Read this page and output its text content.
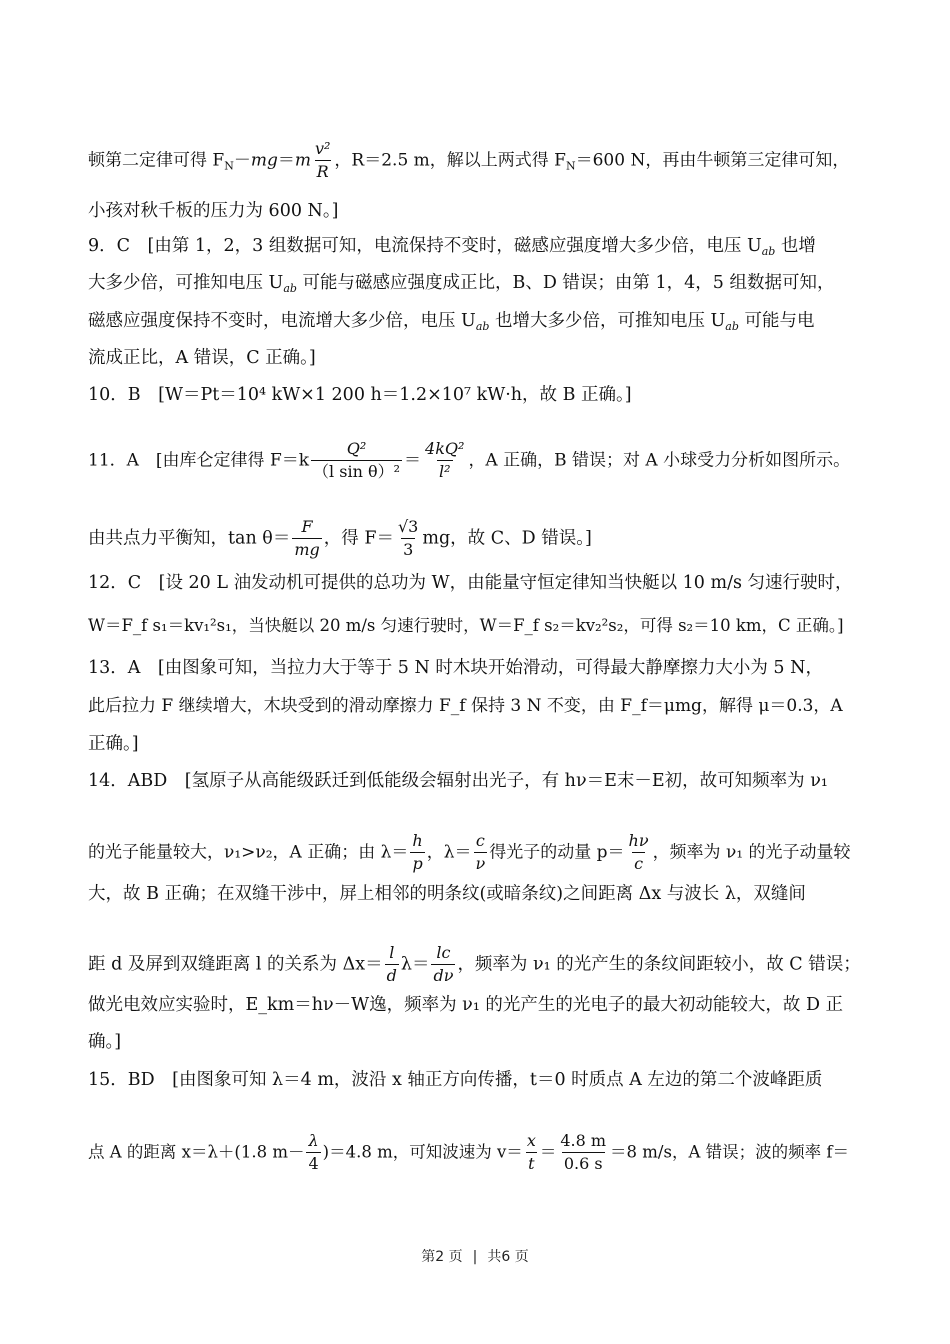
顿第二定律可得 $F_N-mg=m \frac{\text{v²}}{R}$ ，R＝2.5 m，解以上两式得 $F_N=600$ N，再由牛顿第三定律可知，
小孩对秋千板的压力为 600 N。]
9．C　[由第 1，2，3 组数据可知，电流保持不变时，磁感应强度增大多少倍，电压 $U_{ab}$ 也增
大多少倍，可推知电压 $U_{ab}$ 可能与磁感应强度成正比，B、D 错误；由第 1，4，5 组数据可知，
磁感应强度保持不变时，电流增大多少倍，电压 $U_{ab}$ 也增大多少倍，可推知电压 $U_{ab}$ 可能与电
流成正比，A 错误，C 正确。]
10．B　[W＝Pt＝10⁴ kW×1 200 h＝1.2×10⁷ kW·h，故 B 正确。]
11．A　[由库仑定律得 $F=k \frac{\text{Q²}}{\text{（l sin θ）²}} = \frac{\text{4kQ²}}{\text{l²}}$ ，A 正确，B 错误；对 A 小球受力分析如图所示。
由共点力平衡知，$\tan \theta= \frac{F}{mg}$ ，得 $F= \frac{√3}{3}$ mg，故 C、D 错误。]
12．C　[设 20 L 油发动机可提供的总功为 W，由能量守恒定律知当快艇以 10 m/s 匀速行驶时，
W＝F_f s₁＝kv₁²s₁，当快艇以 20 m/s 匀速行驶时，W＝F_f s₂＝kv₂²s₂，可得 s₂＝10 km，C 正确。]
13．A　[由图象可知，当拉力大于等于 5 N 时木块开始滑动，可得最大静摩擦力大小为 5 N，
此后拉力 F 继续增大，木块受到的滑动摩擦力 F_f 保持 3 N 不变，由 F_f＝μmg，解得 μ＝0.3，A
正确。]
14．ABD　[氢原子从高能级跃迁到低能级会辐射出光子，有 hν＝E末－E初，故可知频率为 ν₁
的光子能量较大，ν₁>ν₂，A 正确；由 $\lambda= \frac{h}{p}$ ，$\lambda= \frac{c}{\nu}$ 得光子的动量 $p= \frac{h\nu}{c}$ ，频率为 ν₁ 的光子动量较
大，故 B 正确；在双缝干涉中，屏上相邻的明条纹(或暗条纹)之间距离 Δx 与波长 λ，双缝间
距 d 及屏到双缝距离 l 的关系为 $\Delta x= \frac{l}{d} \lambda= \frac{lc}{d\nu}$ ，频率为 ν₁ 的光产生的条纹间距较小，故 C 错误；
做光电效应实验时，E_km＝hν－W逸，频率为 ν₁ 的光产生的光电子的最大初动能较大，故 D 正
确。]
15．BD　[由图象可知 λ＝4 m，波沿 x 轴正方向传播，t＝0 时质点 A 左边的第二个波峰距质
点 A 的距离 x＝λ＋(1.8 $m- \frac{\lambda}{4} )=4.8$ m，可知波速为 $v= \frac{x}{t} = \frac{4.8 m}{0.6 s} =8$ m/s，A 错误；波的频率 f＝
第2 页 | 共6 页
